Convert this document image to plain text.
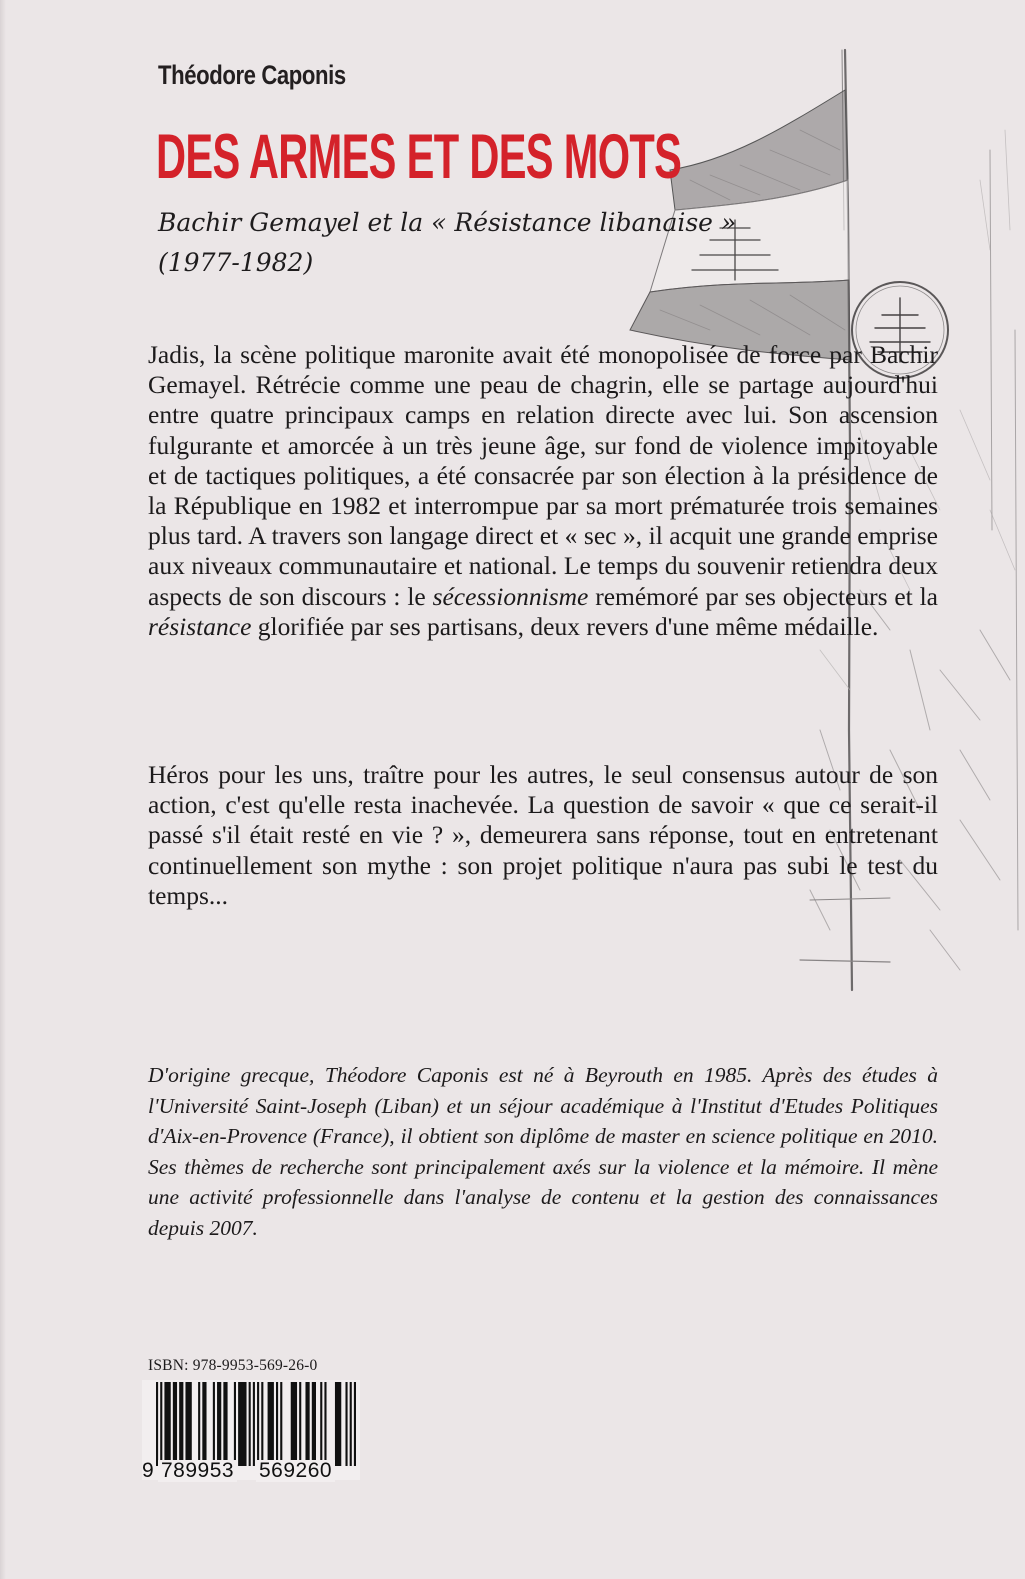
Théodore Caponis
DES ARMES ET DES MOTS
Bachir Gemayel et la « Résistance libanaise »
(1977-1982)
Jadis, la scène politique maronite avait été monopolisée de force par Bachir Gemayel. Rétrécie comme une peau de chagrin, elle se partage aujourd'hui entre quatre principaux camps en relation directe avec lui. Son ascension fulgurante et amorcée à un très jeune âge, sur fond de violence impitoyable et de tactiques politiques, a été consacrée par son élection à la présidence de la République en 1982 et interrompue par sa mort prématurée trois semaines plus tard. A travers son langage direct et « sec », il acquit une grande emprise aux niveaux communautaire et national. Le temps du souvenir retiendra deux aspects de son discours : le sécessionnisme remémoré par ses objecteurs et la résistance glorifiée par ses partisans, deux revers d'une même médaille.
Héros pour les uns, traître pour les autres, le seul consensus autour de son action, c'est qu'elle resta inachevée. La question de savoir « que ce serait-il passé s'il était resté en vie ? », demeurera sans réponse, tout en entretenant continuellement son mythe : son projet politique n'aura pas subi le test du temps...
D'origine grecque, Théodore Caponis est né à Beyrouth en 1985. Après des études à l'Université Saint-Joseph (Liban) et un séjour académique à l'Institut d'Etudes Politiques d'Aix-en-Provence (France), il obtient son diplôme de master en science politique en 2010. Ses thèmes de recherche sont principalement axés sur la violence et la mémoire. Il mène une activité professionnelle dans l'analyse de contenu et la gestion des connaissances depuis 2007.
ISBN: 978-9953-569-26-0
9 789953 569260
